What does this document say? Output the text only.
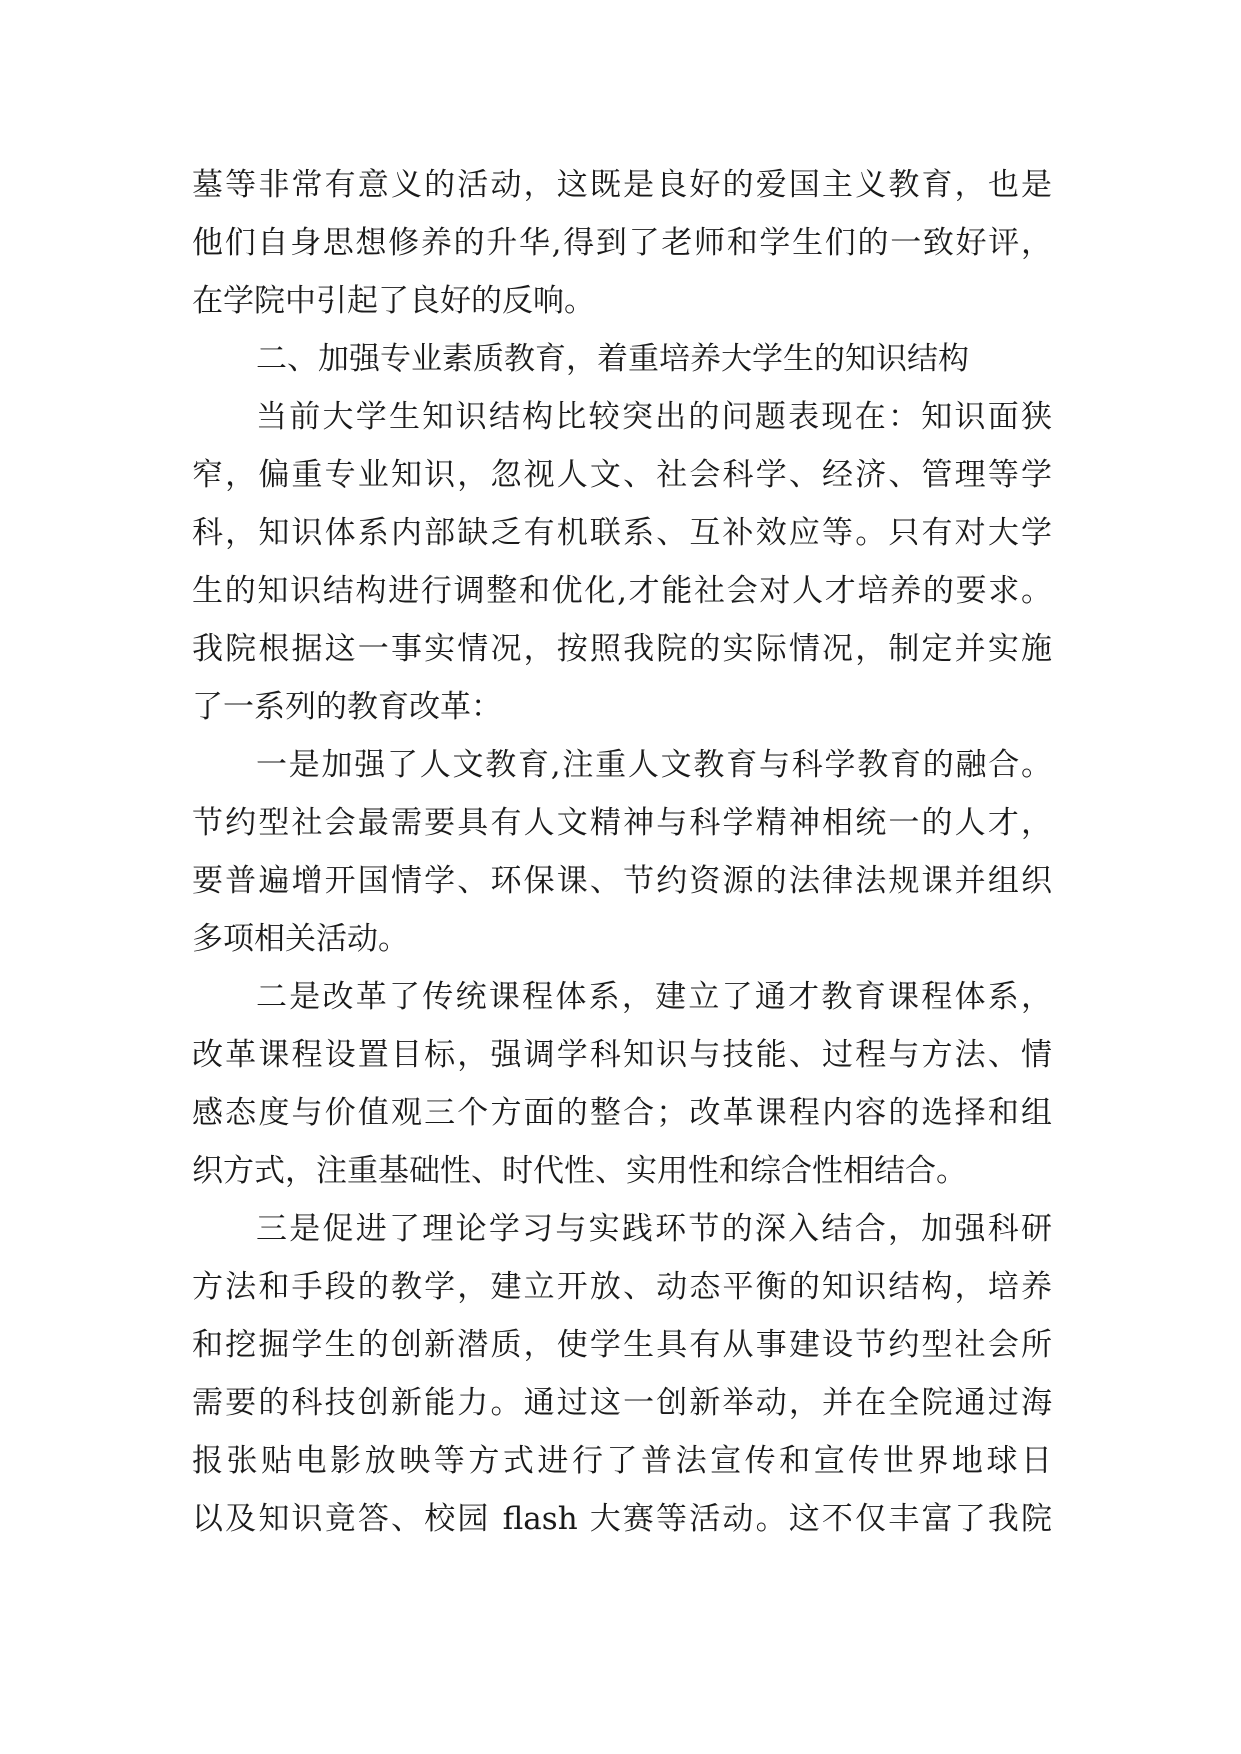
墓等非常有意义的活动，这既是良好的爱国主义教育，也是
他们自身思想修养的升华,得到了老师和学生们的一致好评，
在学院中引起了良好的反响。
二、加强专业素质教育，着重培养大学生的知识结构
当前大学生知识结构比较突出的问题表现在：知识面狭
窄，偏重专业知识，忽视人文、社会科学、经济、管理等学
科，知识体系内部缺乏有机联系、互补效应等。只有对大学
生的知识结构进行调整和优化,才能社会对人才培养的要求。
我院根据这一事实情况，按照我院的实际情况，制定并实施
了一系列的教育改革：
一是加强了人文教育,注重人文教育与科学教育的融合。
节约型社会最需要具有人文精神与科学精神相统一的人才，
要普遍增开国情学、环保课、节约资源的法律法规课并组织
多项相关活动。
二是改革了传统课程体系，建立了通才教育课程体系，
改革课程设置目标，强调学科知识与技能、过程与方法、情
感态度与价值观三个方面的整合；改革课程内容的选择和组
织方式，注重基础性、时代性、实用性和综合性相结合。
三是促进了理论学习与实践环节的深入结合，加强科研
方法和手段的教学，建立开放、动态平衡的知识结构，培养
和挖掘学生的创新潜质，使学生具有从事建设节约型社会所
需要的科技创新能力。通过这一创新举动，并在全院通过海
报张贴电影放映等方式进行了普法宣传和宣传世界地球日
以及知识竟答、校园 flash 大赛等活动。这不仅丰富了我院
